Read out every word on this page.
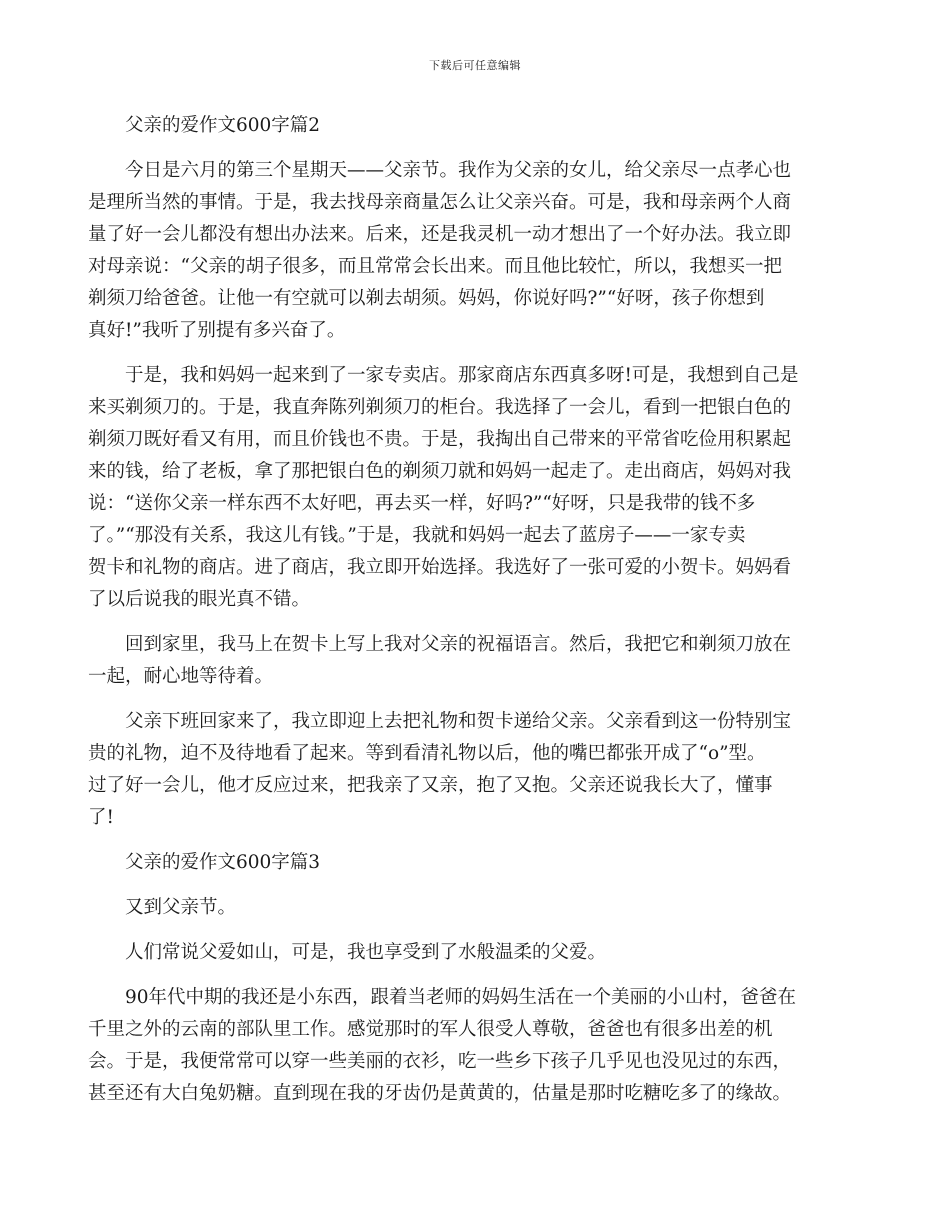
下载后可任意编辑
父亲的爱作文600字篇2
今日是六月的第三个星期天——父亲节。我作为父亲的女儿，给父亲尽一点孝心也
是理所当然的事情。于是，我去找母亲商量怎么让父亲兴奋。可是，我和母亲两个人商
量了好一会儿都没有想出办法来。后来，还是我灵机一动才想出了一个好办法。我立即
对母亲说：“父亲的胡子很多，而且常常会长出来。而且他比较忙，所以，我想买一把
剃须刀给爸爸。让他一有空就可以剃去胡须。妈妈，你说好吗?”“好呀，孩子你想到
真好!”我听了别提有多兴奋了。
于是，我和妈妈一起来到了一家专卖店。那家商店东西真多呀!可是，我想到自己是
来买剃须刀的。于是，我直奔陈列剃须刀的柜台。我选择了一会儿，看到一把银白色的
剃须刀既好看又有用，而且价钱也不贵。于是，我掏出自己带来的平常省吃俭用积累起
来的钱，给了老板，拿了那把银白色的剃须刀就和妈妈一起走了。走出商店，妈妈对我
说：“送你父亲一样东西不太好吧，再去买一样，好吗?”“好呀，只是我带的钱不多
了。”“那没有关系，我这儿有钱。”于是，我就和妈妈一起去了蓝房子——一家专卖
贺卡和礼物的商店。进了商店，我立即开始选择。我选好了一张可爱的小贺卡。妈妈看
了以后说我的眼光真不错。
回到家里，我马上在贺卡上写上我对父亲的祝福语言。然后，我把它和剃须刀放在
一起，耐心地等待着。
父亲下班回家来了，我立即迎上去把礼物和贺卡递给父亲。父亲看到这一份特别宝
贵的礼物，迫不及待地看了起来。等到看清礼物以后，他的嘴巴都张开成了“o”型。
过了好一会儿，他才反应过来，把我亲了又亲，抱了又抱。父亲还说我长大了，懂事
了!
父亲的爱作文600字篇3
又到父亲节。
人们常说父爱如山，可是，我也享受到了水般温柔的父爱。
90年代中期的我还是小东西，跟着当老师的妈妈生活在一个美丽的小山村，爸爸在
千里之外的云南的部队里工作。感觉那时的军人很受人尊敬，爸爸也有很多出差的机
会。于是，我便常常可以穿一些美丽的衣衫，吃一些乡下孩子几乎见也没见过的东西，
甚至还有大白兔奶糖。直到现在我的牙齿仍是黄黄的，估量是那时吃糖吃多了的缘故。
